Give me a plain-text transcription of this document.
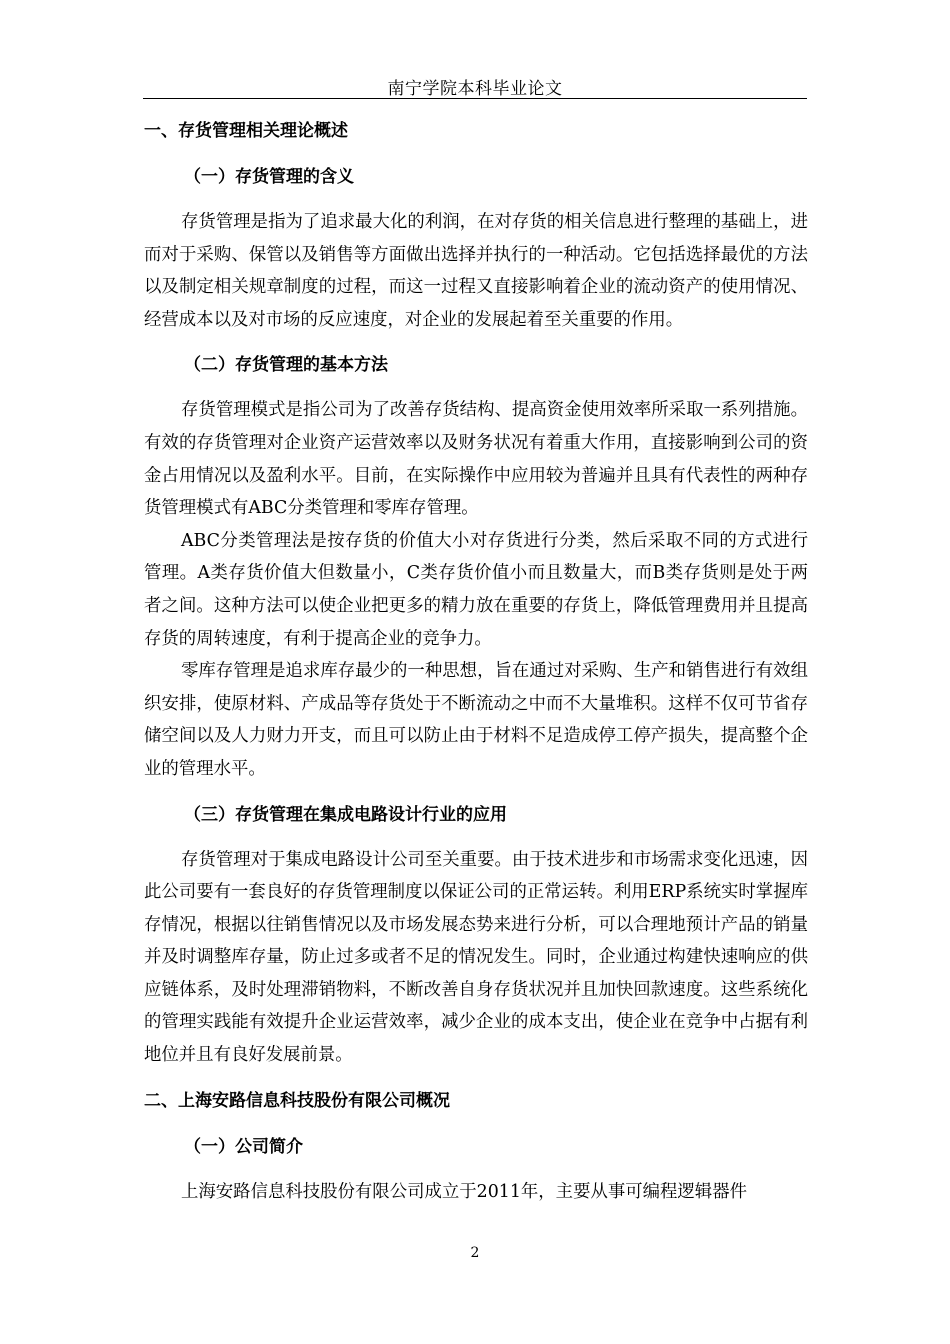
南宁学院本科毕业论文
一、存货管理相关理论概述
（一）存货管理的含义

存货管理是指为了追求最大化的利润，在对存货的相关信息进行整理的基础上，进而对于采购、保管以及销售等方面做出选择并执行的一种活动。它包括选择最优的方法以及制定相关规章制度的过程，而这一过程又直接影响着企业的流动资产的使用情况、经营成本以及对市场的反应速度，对企业的发展起着至关重要的作用。

（二）存货管理的基本方法

存货管理模式是指公司为了改善存货结构、提高资金使用效率所采取一系列措施。有效的存货管理对企业资产运营效率以及财务状况有着重大作用，直接影响到公司的资金占用情况以及盈利水平。目前，在实际操作中应用较为普遍并且具有代表性的两种存货管理模式有ABC分类管理和零库存管理。

ABC分类管理法是按存货的价值大小对存货进行分类，然后采取不同的方式进行管理。A类存货价值大但数量小，C类存货价值小而且数量大，而B类存货则是处于两者之间。这种方法可以使企业把更多的精力放在重要的存货上，降低管理费用并且提高存货的周转速度，有利于提高企业的竞争力。

零库存管理是追求库存最少的一种思想，旨在通过对采购、生产和销售进行有效组织安排，使原材料、产成品等存货处于不断流动之中而不大量堆积。这样不仅可节省存储空间以及人力财力开支，而且可以防止由于材料不足造成停工停产损失，提高整个企业的管理水平。

（三）存货管理在集成电路设计行业的应用

存货管理对于集成电路设计公司至关重要。由于技术进步和市场需求变化迅速，因此公司要有一套良好的存货管理制度以保证公司的正常运转。利用ERP系统实时掌握库存情况，根据以往销售情况以及市场发展态势来进行分析，可以合理地预计产品的销量并及时调整库存量，防止过多或者不足的情况发生。同时，企业通过构建快速响应的供应链体系，及时处理滞销物料，不断改善自身存货状况并且加快回款速度。这些系统化的管理实践能有效提升企业运营效率，减少企业的成本支出，使企业在竞争中占据有利地位并且有良好发展前景。

二、上海安路信息科技股份有限公司概况
（一）公司简介

上海安路信息科技股份有限公司成立于2011年，主要从事可编程逻辑器件

2
